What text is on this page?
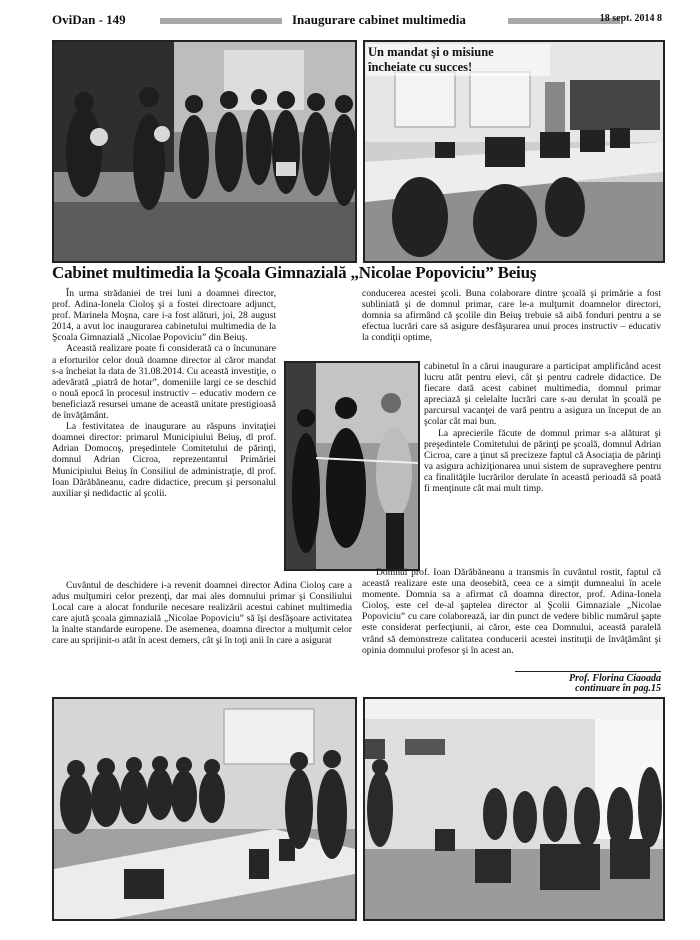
OviDan - 149	Inaugurare cabinet multimedia	18 sept. 2014 8
Un mandat şi o misiune
încheiate cu succes!
Cabinet multimedia la Şcoala Gimnazială „Nicolae Popoviciu” Beiuş

În urma strădaniei de trei luni a doamnei director, prof. Adina-Ionela Cioloş şi a fostei directoare adjunct, prof. Marinela Moşna, care i-a fost alături, joi, 28 august 2014, a avut loc inaugurarea cabinetului multimedia de la Şcoala Gimnazială „Nicolae Popoviciu” din Beiuş.

Această realizare poate fi considerată ca o încununare a eforturilor celor două doamne director al căror mandat s-a încheiat la data de 31.08.2014. Cu această investiţie, o adevărată „piatră de hotar”, domeniile largi ce se deschid o nouă epocă în procesul instructiv – educativ modern ce beneficiază resursei umane de această unitate prestigioasă de învăţământ.

La festivitatea de inaugurare au răspuns invitaţiei doamnei director: primarul Municipiului Beiuş, dl prof. Adrian Domocoş, preşedintele Comitetului de părinţi, domnul Adrian Cicroa, reprezentantul Primăriei Municipiului Beiuş în Consiliul de administraţie, dl prof. Ioan Dărăbăneanu, cadre didactice, precum şi personalul auxiliar şi nedidactic al şcolii.

Cuvântul de deschidere i-a revenit doamnei director Adina Cioloş care a adus mulţumiri celor prezenţi, dar mai ales domnului primar şi Consiliului Local care a alocat fondurile necesare realizării acestui cabinet multimedia care ajută şcoala gimnazială „Nicolae Popoviciu” să îşi desfăşoare activitatea la înalte standarde europene. De asemenea, doamna director a mulţumit celor care au sprijinit-o atât în acest demers, cât şi în toţi anii în care a asigurat

conducerea acestei şcoli. Buna colaborare dintre şcoală şi primărie a fost subliniată şi de domnul primar, care le-a mulţumit doamnelor directori, domnia sa afirmând că şcolile din Beiuş trebuie să aibă fonduri pentru a se efectua lucrări care să asigure desfăşurarea unui proces instructiv – educativ la condiţii optime,

cabinetul în a cărui inaugurare a participat amplificând acest lucru atât pentru elevi, cât şi pentru cadrele didactice. De fiecare dată acest cabinet multimedia, domnul primar apreciază şi celelalte lucrări care s-au derulat în şcoală pe parcursul vacanţei de vară pentru a asigura un început de an şcolar cât mai bun.

La aprecierile făcute de domnul primar s-a alăturat şi preşedintele Comitetului de părinţi pe şcoală, domnul Adrian Cicroa, care a ţinut să precizeze faptul că Asociaţia de părinţi va asigura achiziţionarea unui sistem de supraveghere pentru ca finalităţile lucrărilor derulate în această perioadă să poată fi menţinute cât mai mult timp.

Domnul prof. Ioan Dărăbăneanu a transmis în cuvântul rostit, faptul că această realizare este una deosebită, ceea ce a simţit dumnealui în acele momente. Domnia sa a afirmat că doamna director, prof. Adina-Ionela Cioloş, este cel de-al şaptelea director al Şcolii Gimnaziale „Nicolae Popoviciu” cu care colaborează, iar din punct de vedere biblic numărul şapte este considerat perfecţiunii, ai căror, este cea Domnului, această paralelă vrând să demonstreze calitatea conducerii acestei instituţii de învăţământ şi opinia domnului profesor şi în acest an.

Prof. Florina Ciaoada
continuare în pag.15
